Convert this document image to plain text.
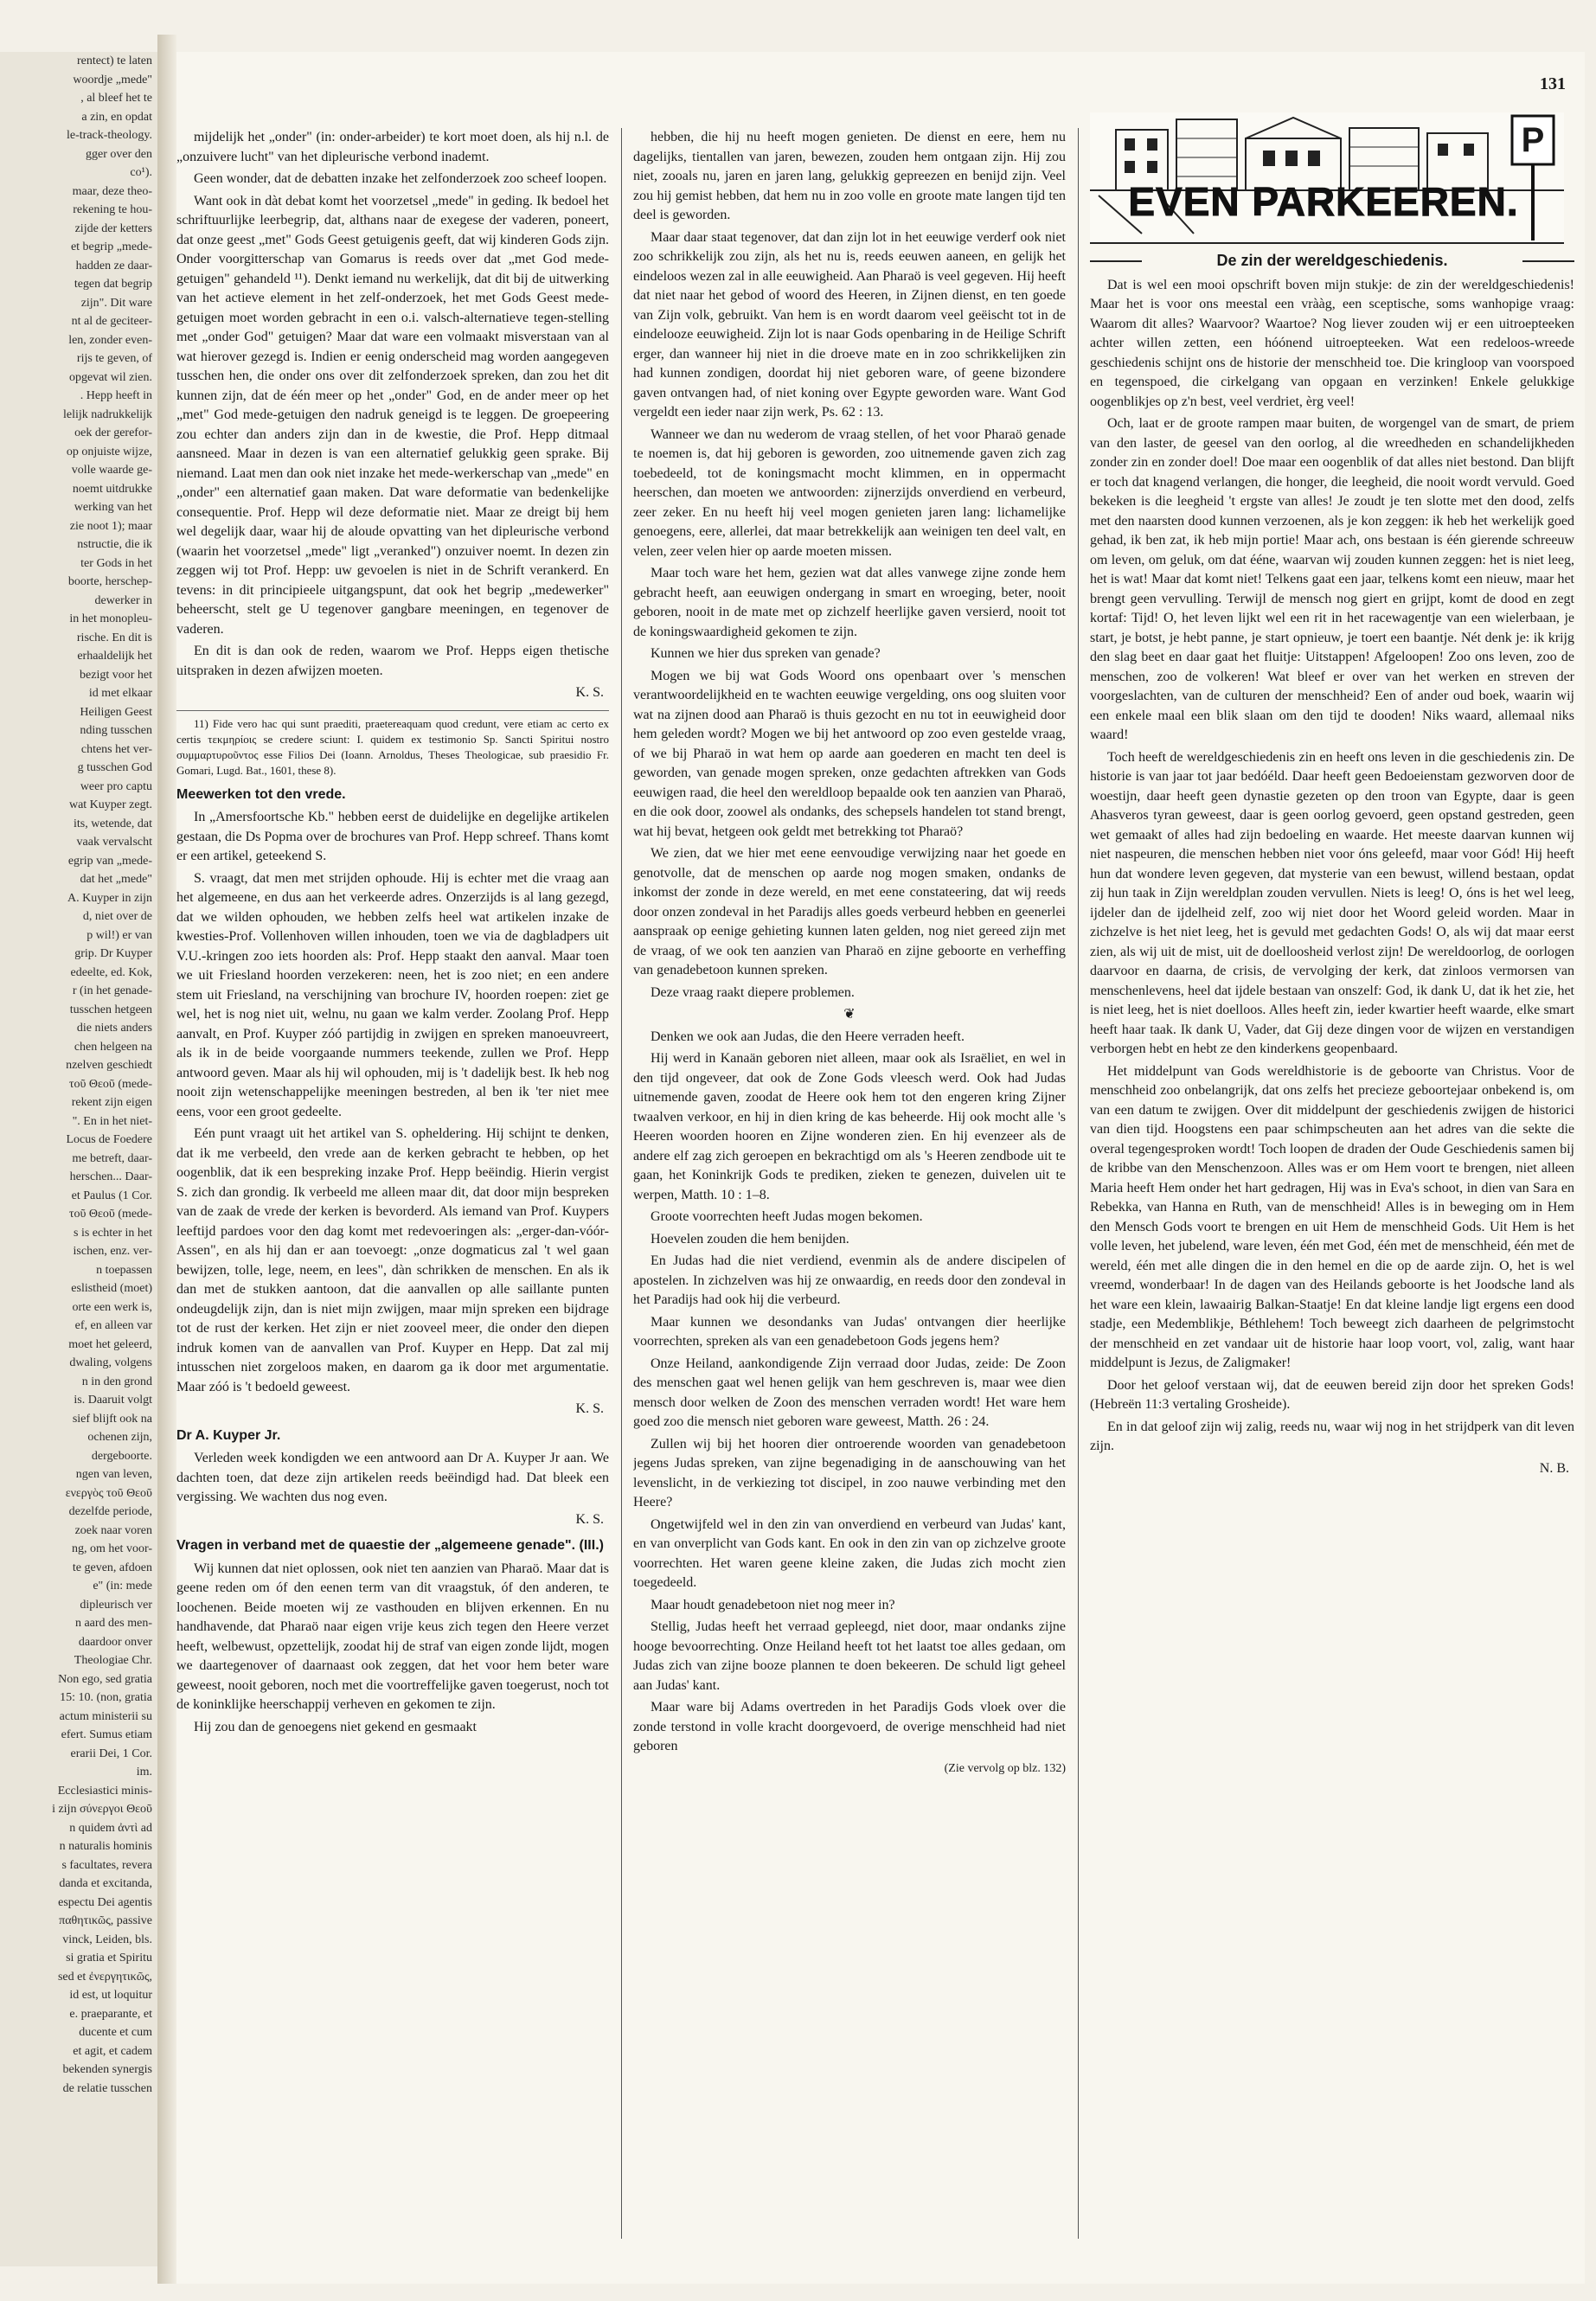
rentect) te laten

woordje „mede"

, al bleef het te

a zin, en opdat

le-track-theology.

gger over den

co¹).

maar, deze theo-

rekening te hou-

zijde der ketters

et begrip „mede-

hadden ze daar-

tegen dat begrip

zijn". Dit ware

nt al de geciteer-

len, zonder even-

rijs te geven, of

opgevat wil zien.

. Hepp heeft in

lelijk nadrukkelijk

oek der gerefor-

op onjuiste wijze,

volle waarde ge-

noemt uitdrukke

werking van het

zie noot 1); maar

nstructie, die ik

ter Gods in het

boorte, herschep-

dewerker in

in het monopleu-

rische. En dit is

erhaaldelijk het

bezigt voor het

id met elkaar

Heiligen Geest

nding tusschen

chtens het ver-

g tusschen God

weer pro captu

wat Kuyper zegt.

its, wetende, dat

vaak vervalscht

egrip van „mede-

dat het „mede"

A. Kuyper in zijn

d, niet over de

p wil!) er van

grip. Dr Kuyper

edeelte, ed. Kok,

r (in het genade-

tusschen hetgeen

die niets anders

chen helgeen na

nzelven geschiedt

τοῦ Θεοῦ (mede-

rekent zijn eigen

". En in het niet-

Locus de Foedere

me betreft, daar-

herschen... Daar-

et Paulus (1 Cor.

τοῦ Θεοῦ (mede-

s is echter in het

ischen, enz. ver-

n toepassen

eslistheid (moet)

orte een werk is,

ef, en alleen var

moet het geleerd,

dwaling, volgens

n in den grond

is. Daaruit volgt

sief blijft ook na

ochenen zijn,

dergeboorte.

ngen van leven,

ενεργὸς τοῦ Θεοῦ

dezelfde periode,

zoek naar voren

ng, om het voor-

te geven, afdoen

e" (in: mede

dipleurisch ver

n aard des men-

daardoor onver

Theologiae Chr.

Non ego, sed gratia

15: 10. (non, gratia

actum ministerii su

efert. Sumus etiam

erarii Dei, 1 Cor.

im.

Ecclesiastici minis-

i zijn σύνεργοι Θεοῦ

n quidem ἀντὶ ad

n naturalis hominis

s facultates, revera

danda et excitanda,

espectu Dei agentis

παθητικῶς, passive

vinck, Leiden, bls.

si gratia et Spiritu

sed et ἐνεργητικῶς,

id est, ut loquitur

e. praeparante, et

ducente et cum

et agit, et cadem

bekenden synergis

de relatie tusschen

131

mijdelijk het „onder" (in: onder-arbeider) te kort moet doen, als hij n.l. de „onzuivere lucht" van het dipleurische verbond inademt.

Geen wonder, dat de debatten inzake het zelfonderzoek zoo scheef loopen.

Want ook in dàt debat komt het voorzetsel „mede" in geding. Ik bedoel het schriftuurlijke leerbegrip, dat, althans naar de exegese der vaderen, poneert, dat onze geest „met" Gods Geest getuigenis geeft, dat wij kinderen Gods zijn. Onder voorgitterschap van Gomarus is reeds over dat „met God mede-getuigen" gehandeld ¹¹). Denkt iemand nu werkelijk, dat dit bij de uitwerking van het actieve element in het zelf-onderzoek, het met Gods Geest mede-getuigen moet worden gebracht in een o.i. valsch-alternatieve tegen-stelling met „onder God" getuigen? Maar dat ware een volmaakt misverstaan van al wat hierover gezegd is. Indien er eenig onderscheid mag worden aangegeven tusschen hen, die onder ons over dit zelfonderzoek spreken, dan zou het dit kunnen zijn, dat de één meer op het „onder" God, en de ander meer op het „met" God mede-getuigen den nadruk geneigd is te leggen. De groepeering zou echter dan anders zijn dan in de kwestie, die Prof. Hepp ditmaal aansneed. Maar in dezen is van een alternatief gelukkig geen sprake. Bij niemand. Laat men dan ook niet inzake het mede-werkerschap van „mede" en „onder" een alternatief gaan maken. Dat ware deformatie van bedenkelijke consequentie. Prof. Hepp wil deze deformatie niet. Maar ze dreigt bij hem wel degelijk daar, waar hij de aloude opvatting van het dipleurische verbond (waarin het voorzetsel „mede" ligt „veranked") onzuiver noemt. In dezen zin zeggen wij tot Prof. Hepp: uw gevoelen is niet in de Schrift verankerd. En tevens: in dit principieele uitgangspunt, dat ook het begrip „medewerker" beheerscht, stelt ge U tegenover gangbare meeningen, en tegenover de vaderen.

En dit is dan ook de reden, waarom we Prof. Hepps eigen thetische uitspraken in dezen afwijzen moeten.

K. S.

11) Fide vero hac qui sunt praediti, praetereaquam quod credunt, vere etiam ac certo ex certis τεκμηρίοις se credere sciunt: I. quidem ex testimonio Sp. Sancti Spiritui nostro συμμαρτυροῦντος esse Filios Dei (Ioann. Arnoldus, Theses Theologicae, sub praesidio Fr. Gomari, Lugd. Bat., 1601, these 8).

Meewerken tot den vrede.

In „Amersfoortsche Kb." hebben eerst de duidelijke en degelijke artikelen gestaan, die Ds Popma over de brochures van Prof. Hepp schreef. Thans komt er een artikel, geteekend S.

S. vraagt, dat men met strijden ophoude. Hij is echter met die vraag aan het algemeene, en dus aan het verkeerde adres. Onzerzijds is al lang gezegd, dat we wilden ophouden, we hebben zelfs heel wat artikelen inzake de kwesties-Prof. Vollenhoven willen inhouden, toen we via de dagbladpers uit V.U.-kringen zoo iets hoorden als: Prof. Hepp staakt den aanval. Maar toen we uit Friesland hoorden verzekeren: neen, het is zoo niet; en een andere stem uit Friesland, na verschijning van brochure IV, hoorden roepen: ziet ge wel, het is nog niet uit, welnu, nu gaan we kalm verder. Zoolang Prof. Hepp aanvalt, en Prof. Kuyper zóó partijdig in zwijgen en spreken manoeuvreert, als ik in de beide voorgaande nummers teekende, zullen we Prof. Hepp antwoord geven. Maar als hij wil ophouden, mij is 't dadelijk best. Ik heb nog nooit zijn wetenschappelijke meeningen bestreden, al ben ik 'ter niet mee eens, voor een groot gedeelte.

Eén punt vraagt uit het artikel van S. opheldering. Hij schijnt te denken, dat ik me verbeeld, den vrede aan de kerken gebracht te hebben, op het oogenblik, dat ik een bespreking inzake Prof. Hepp beëindig. Hierin vergist S. zich dan grondig. Ik verbeeld me alleen maar dit, dat door mijn bespreken van de zaak de vrede der kerken is bevorderd. Als iemand van Prof. Kuypers leeftijd pardoes voor den dag komt met redevoeringen als: „erger-dan-vóór-Assen", en als hij dan er aan toevoegt: „onze dogmaticus zal 't wel gaan bewijzen, tolle, lege, neem, en lees", dàn schrikken de menschen. En als ik dan met de stukken aantoon, dat die aanvallen op alle saillante punten ondeugdelijk zijn, dan is niet mijn zwijgen, maar mijn spreken een bijdrage tot de rust der kerken. Het zijn er niet zooveel meer, die onder den diepen indruk komen van de aanvallen van Prof. Kuyper en Hepp. Dat zal mij intusschen niet zorgeloos maken, en daarom ga ik door met argumentatie. Maar zóó is 't bedoeld geweest.

K. S.

Dr A. Kuyper Jr.

Verleden week kondigden we een antwoord aan Dr A. Kuyper Jr aan. We dachten toen, dat deze zijn artikelen reeds beëindigd had. Dat bleek een vergissing. We wachten dus nog even.

K. S.

Vragen in verband met de quaestie der „algemeene genade". (III.)

Wij kunnen dat niet oplossen, ook niet ten aanzien van Pharaö. Maar dat is geene reden om óf den eenen term van dit vraagstuk, óf den anderen, te loochenen. Beide moeten wij ze vasthouden en blijven erkennen. En nu handhavende, dat Pharaö naar eigen vrije keus zich tegen den Heere verzet heeft, welbewust, opzettelijk, zoodat hij de straf van eigen zonde lijdt, mogen we daartegenover of daarnaast ook zeggen, dat het voor hem beter ware geweest, nooit geboren, noch met die voortreffelijke gaven toegerust, noch tot de koninklijke heerschappij verheven en gekomen te zijn.

Hij zou dan de genoegens niet gekend en gesmaakt

hebben, die hij nu heeft mogen genieten. De dienst en eere, hem nu dagelijks, tientallen van jaren, bewezen, zouden hem ontgaan zijn. Hij zou niet, zooals nu, jaren en jaren lang, gelukkig gepreezen en benijd zijn. Veel zou hij gemist hebben, dat hem nu in zoo volle en groote mate langen tijd ten deel is geworden.

Maar daar staat tegenover, dat dan zijn lot in het eeuwige verderf ook niet zoo schrikkelijk zou zijn, als het nu is, reeds eeuwen aaneen, en gelijk het eindeloos wezen zal in alle eeuwigheid. Aan Pharaö is veel gegeven. Hij heeft dat niet naar het gebod of woord des Heeren, in Zijnen dienst, en ten goede van Zijn volk, gebruikt. Van hem is en wordt daarom veel geëischt tot in de eindelooze eeuwigheid. Zijn lot is naar Gods openbaring in de Heilige Schrift erger, dan wanneer hij niet in die droeve mate en in zoo schrikkelijken zin had kunnen zondigen, doordat hij niet geboren ware, of geene bizondere gaven ontvangen had, of niet koning over Egypte geworden ware. Want God vergeldt een ieder naar zijn werk, Ps. 62 : 13.

Wanneer we dan nu wederom de vraag stellen, of het voor Pharaö genade te noemen is, dat hij geboren is geworden, zoo uitnemende gaven zich zag toebedeeld, tot de koningsmacht mocht klimmen, en in oppermacht heerschen, dan moeten we antwoorden: zijnerzijds onverdiend en verbeurd, zeer zeker. En nu heeft hij veel mogen genieten jaren lang: lichamelijke genoegens, eere, allerlei, dat maar betrekkelijk aan weinigen ten deel valt, en velen, zeer velen hier op aarde moeten missen.

Maar toch ware het hem, gezien wat dat alles vanwege zijne zonde hem gebracht heeft, aan eeuwigen ondergang in smart en wroeging, beter, nooit geboren, nooit in de mate met op zichzelf heerlijke gaven versierd, nooit tot de koningswaardigheid gekomen te zijn.

Kunnen we hier dus spreken van genade?

Mogen we bij wat Gods Woord ons openbaart over 's menschen verantwoordelijkheid en te wachten eeuwige vergelding, ons oog sluiten voor wat na zijnen dood aan Pharaö is thuis gezocht en nu tot in eeuwigheid door hem geleden wordt? Mogen we bij het antwoord op zoo even gestelde vraag, of we bij Pharaö in wat hem op aarde aan goederen en macht ten deel is geworden, van genade mogen spreken, onze gedachten aftrekken van Gods eeuwigen raad, die heel den wereldloop bepaalde ook ten aanzien van Pharaö, en die ook door, zoowel als ondanks, des schepsels handelen tot stand brengt, wat hij bevat, hetgeen ook geldt met betrekking tot Pharaö?

We zien, dat we hier met eene eenvoudige verwijzing naar het goede en genotvolle, dat de menschen op aarde nog mogen smaken, ondanks de inkomst der zonde in deze wereld, en met eene constateering, dat wij reeds door onzen zondeval in het Paradijs alles goeds verbeurd hebben en geenerlei aanspraak op eenige gehieting kunnen laten gelden, nog niet gereed zijn met de vraag, of we ook ten aanzien van Pharaö en zijne geboorte en verheffing van genadebetoon kunnen spreken.

Deze vraag raakt diepere problemen.

❦

Denken we ook aan Judas, die den Heere verraden heeft.

Hij werd in Kanaän geboren niet alleen, maar ook als Israëliet, en wel in den tijd ongeveer, dat ook de Zone Gods vleesch werd. Ook had Judas uitnemende gaven, zoodat de Heere ook hem tot den engeren kring Zijner twaalven verkoor, en hij in dien kring de kas beheerde. Hij ook mocht alle 's Heeren woorden hooren en Zijne wonderen zien. En hij evenzeer als de andere elf zag zich geroepen en bekrachtigd om als 's Heeren zendbode uit te gaan, het Koninkrijk Gods te prediken, zieken te genezen, duivelen uit te werpen, Matth. 10 : 1–8.

Groote voorrechten heeft Judas mogen bekomen.

Hoevelen zouden die hem benijden.

En Judas had die niet verdiend, evenmin als de andere discipelen of apostelen. In zichzelven was hij ze onwaardig, en reeds door den zondeval in het Paradijs had ook hij die verbeurd.

Maar kunnen we desondanks van Judas' ontvangen dier heerlijke voorrechten, spreken als van een genadebetoon Gods jegens hem?

Onze Heiland, aankondigende Zijn verraad door Judas, zeide: De Zoon des menschen gaat wel henen gelijk van hem geschreven is, maar wee dien mensch door welken de Zoon des menschen verraden wordt! Het ware hem goed zoo die mensch niet geboren ware geweest, Matth. 26 : 24.

Zullen wij bij het hooren dier ontroerende woorden van genadebetoon jegens Judas spreken, van zijne begenadiging in de aanschouwing van het levenslicht, in de verkiezing tot discipel, in zoo nauwe verbinding met den Heere?

Ongetwijfeld wel in den zin van onverdiend en verbeurd van Judas' kant, en van onverplicht van Gods kant. En ook in den zin van op zichzelve groote voorrechten. Het waren geene kleine zaken, die Judas zich mocht zien toegedeeld.

Maar houdt genadebetoon niet nog meer in?

Stellig, Judas heeft het verraad gepleegd, niet door, maar ondanks zijne hooge bevoorrechting. Onze Heiland heeft tot het laatst toe alles gedaan, om Judas zich van zijne booze plannen te doen bekeeren. De schuld ligt geheel aan Judas' kant.

Maar ware bij Adams overtreden in het Paradijs Gods vloek over die zonde terstond in volle kracht doorgevoerd, de overige menschheid had niet geboren

(Zie vervolg op blz. 132)

P
EVEN PARKEEREN.
De zin der wereldgeschiedenis.

Dat is wel een mooi opschrift boven mijn stukje: de zin der wereldgeschiedenis! Maar het is voor ons meestal een vrààg, een sceptische, soms wanhopige vraag: Waarom dit alles? Waarvoor? Waartoe? Nog liever zouden wij er een uitroepteeken achter willen zetten, een hóónend uitroepteeken. Wat een redeloos-wreede geschiedenis schijnt ons de historie der menschheid toe. Die kringloop van voorspoed en tegenspoed, die cirkelgang van opgaan en verzinken! Enkele gelukkige oogenblikjes op z'n best, veel verdriet, èrg veel!

Och, laat er de groote rampen maar buiten, de worgengel van de smart, de priem van den laster, de geesel van den oorlog, al die wreedheden en schandelijkheden zonder zin en zonder doel! Doe maar een oogenblik of dat alles niet bestond. Dan blijft er toch dat knagend verlangen, die honger, die leegheid, die nooit wordt vervuld. Goed bekeken is die leegheid 't ergste van alles! Je zoudt je ten slotte met den dood, zelfs met den naarsten dood kunnen verzoenen, als je kon zeggen: ik heb het werkelijk goed gehad, ik ben zat, ik heb mijn portie! Maar ach, ons bestaan is één gierende schreeuw om leven, om geluk, om dat ééne, waarvan wij zouden kunnen zeggen: het is niet leeg, het is wat! Maar dat komt niet! Telkens gaat een jaar, telkens komt een nieuw, maar het brengt geen vervulling. Terwijl de mensch nog giert en grijpt, komt de dood en zegt kortaf: Tijd! O, het leven lijkt wel een rit in het racewagentje van een wielerbaan, je start, je botst, je hebt panne, je start opnieuw, je toert een baantje. Nét denk je: ik krijg den slag beet en daar gaat het fluitje: Uitstappen! Afgeloopen! Zoo ons leven, zoo de menschen, zoo de volkeren! Wat bleef er over van het werken en streven der voorgeslachten, van de culturen der menschheid? Een of ander oud boek, waarin wij een enkele maal een blik slaan om den tijd te dooden! Niks waard, allemaal niks waard!

Toch heeft de wereldgeschiedenis zin en heeft ons leven in die geschiedenis zin. De historie is van jaar tot jaar bedóéld. Daar heeft geen Bedoeienstam gezworven door de woestijn, daar heeft geen dynastie gezeten op den troon van Egypte, daar is geen Ahasveros tyran geweest, daar is geen oorlog gevoerd, geen opstand gestreden, geen wet gemaakt of alles had zijn bedoeling en waarde. Het meeste daarvan kunnen wij niet naspeuren, die menschen hebben niet voor óns geleefd, maar voor Gód! Hij heeft hun dat wondere leven gegeven, dat mysterie van een bewust, willend bestaan, opdat zij hun taak in Zijn wereldplan zouden vervullen. Niets is leeg! O, óns is het wel leeg, ijdeler dan de ijdelheid zelf, zoo wij niet door het Woord geleid worden. Maar in zichzelve is het niet leeg, het is gevuld met gedachten Gods! O, als wij dat maar eerst zien, als wij uit de mist, uit de doelloosheid verlost zijn! De wereldoorlog, de oorlogen daarvoor en daarna, de crisis, de vervolging der kerk, dat zinloos vermorsen van menschenlevens, heel dat ijdele bestaan van onszelf: God, ik dank U, dat ik het zie, het is niet leeg, het is niet doelloos. Alles heeft zin, ieder kwartier heeft waarde, elke smart heeft haar taak. Ik dank U, Vader, dat Gij deze dingen voor de wijzen en verstandigen verborgen hebt en hebt ze den kinderkens geopenbaard.

Het middelpunt van Gods wereldhistorie is de geboorte van Christus. Voor de menschheid zoo onbelangrijk, dat ons zelfs het precieze geboortejaar onbekend is, om van een datum te zwijgen. Over dit middelpunt der geschiedenis zwijgen de historici van dien tijd. Hoogstens een paar schimpscheuten aan het adres van die sekte die overal tegengesproken wordt! Toch loopen de draden der Oude Geschiedenis samen bij de kribbe van den Menschenzoon. Alles was er om Hem voort te brengen, niet alleen Maria heeft Hem onder het hart gedragen, Hij was in Eva's schoot, in dien van Sara en Rebekka, van Hanna en Ruth, van de menschheid! Alles is in beweging om in Hem den Mensch Gods voort te brengen en uit Hem de menschheid Gods. Uit Hem is het volle leven, het jubelend, ware leven, één met God, één met de menschheid, één met de wereld, één met alle dingen die in den hemel en die op de aarde zijn. O, het is wel vreemd, wonderbaar! In de dagen van des Heilands geboorte is het Joodsche land als het ware een klein, lawaairig Balkan-Staatje! En dat kleine landje ligt ergens een dood stadje, een Medemblikje, Béthlehem! Toch beweegt zich daarheen de pelgrimstocht der menschheid en zet vandaar uit de historie haar loop voort, vol, zalig, want haar middelpunt is Jezus, de Zaligmaker!

Door het geloof verstaan wij, dat de eeuwen bereid zijn door het spreken Gods! (Hebreën 11:3 vertaling Grosheide).

En in dat geloof zijn wij zalig, reeds nu, waar wij nog in het strijdperk van dit leven zijn.

N. B.
